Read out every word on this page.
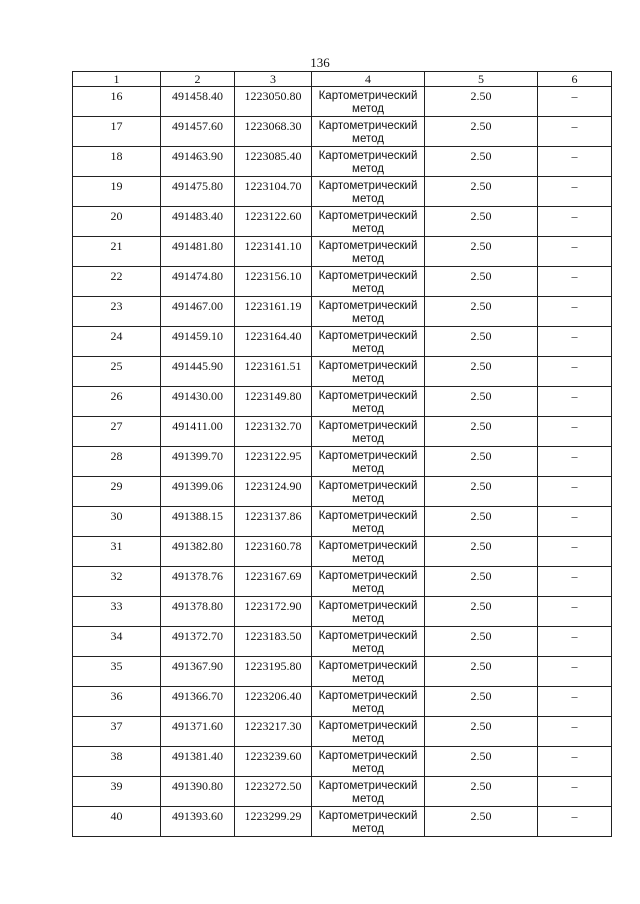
136
1	2	3	4	5	6
16	491458.40	1223050.80	Картометрический
метод	2.50	–
17	491457.60	1223068.30	Картометрический
метод	2.50	–
18	491463.90	1223085.40	Картометрический
метод	2.50	–
19	491475.80	1223104.70	Картометрический
метод	2.50	–
20	491483.40	1223122.60	Картометрический
метод	2.50	–
21	491481.80	1223141.10	Картометрический
метод	2.50	–
22	491474.80	1223156.10	Картометрический
метод	2.50	–
23	491467.00	1223161.19	Картометрический
метод	2.50	–
24	491459.10	1223164.40	Картометрический
метод	2.50	–
25	491445.90	1223161.51	Картометрический
метод	2.50	–
26	491430.00	1223149.80	Картометрический
метод	2.50	–
27	491411.00	1223132.70	Картометрический
метод	2.50	–
28	491399.70	1223122.95	Картометрический
метод	2.50	–
29	491399.06	1223124.90	Картометрический
метод	2.50	–
30	491388.15	1223137.86	Картометрический
метод	2.50	–
31	491382.80	1223160.78	Картометрический
метод	2.50	–
32	491378.76	1223167.69	Картометрический
метод	2.50	–
33	491378.80	1223172.90	Картометрический
метод	2.50	–
34	491372.70	1223183.50	Картометрический
метод	2.50	–
35	491367.90	1223195.80	Картометрический
метод	2.50	–
36	491366.70	1223206.40	Картометрический
метод	2.50	–
37	491371.60	1223217.30	Картометрический
метод	2.50	–
38	491381.40	1223239.60	Картометрический
метод	2.50	–
39	491390.80	1223272.50	Картометрический
метод	2.50	–
40	491393.60	1223299.29	Картометрический
метод	2.50	–
